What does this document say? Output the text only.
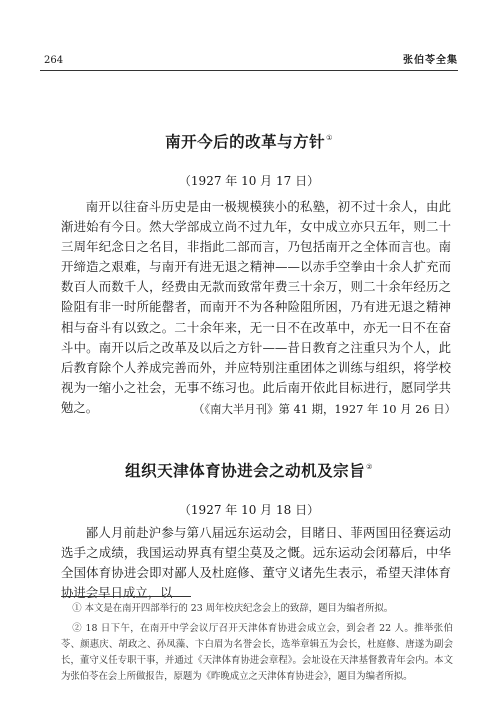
264	张伯苓全集
南开今后的改革与方针①
（1927 年 10 月 17 日）

南开以往奋斗历史是由一极规模狭小的私塾，初不过十余人，由此渐进始有今日。然大学部成立尚不过九年，女中成立亦只五年，则二十三周年纪念日之名目，非指此二部而言，乃包括南开之全体而言也。南开缔造之艰难，与南开有进无退之精神——以赤手空拳由十余人扩充而数百人而数千人，经费由无款而致常年费三十余万，则二十余年经历之险阻有非一时所能罄者，而南开不为各种险阻所困，乃有进无退之精神相与奋斗有以致之。二十余年来，无一日不在改革中，亦无一日不在奋斗中。南开以后之改革及以后之方针——昔日教育之注重只为个人，此后教育除个人养成完善而外，并应特别注重团体之训练与组织，将学校视为一缩小之社会，无事不练习也。此后南开依此目标进行，愿同学共勉之。	（《南大半月刊》第 41 期，1927 年 10 月 26 日）
组织天津体育协进会之动机及宗旨②
（1927 年 10 月 18 日）

鄙人月前赴沪参与第八届远东运动会，目睹日、菲两国田径赛运动选手之成绩，我国运动界真有望尘莫及之慨。远东运动会闭幕后，中华全国体育协进会即对鄙人及杜庭修、董守义诸先生表示，希望天津体育协进会早日成立，以

① 本文是在南开四部举行的 23 周年校庆纪念会上的致辞，题目为编者所拟。

② 18 日下午，在南开中学会议厅召开天津体育协进会成立会，到会者 22 人。推举张伯苓、颜惠庆、胡政之、孙凤藻、卞白眉为名誉会长，选举章辑五为会长，杜庭修、唐遂为副会长，董守义任专职干事，并通过《天津体育协进会章程》。会址设在天津基督教青年会内。本文为张伯苓在会上所做报告，原题为《昨晚成立之天津体育协进会》，题目为编者所拟。
